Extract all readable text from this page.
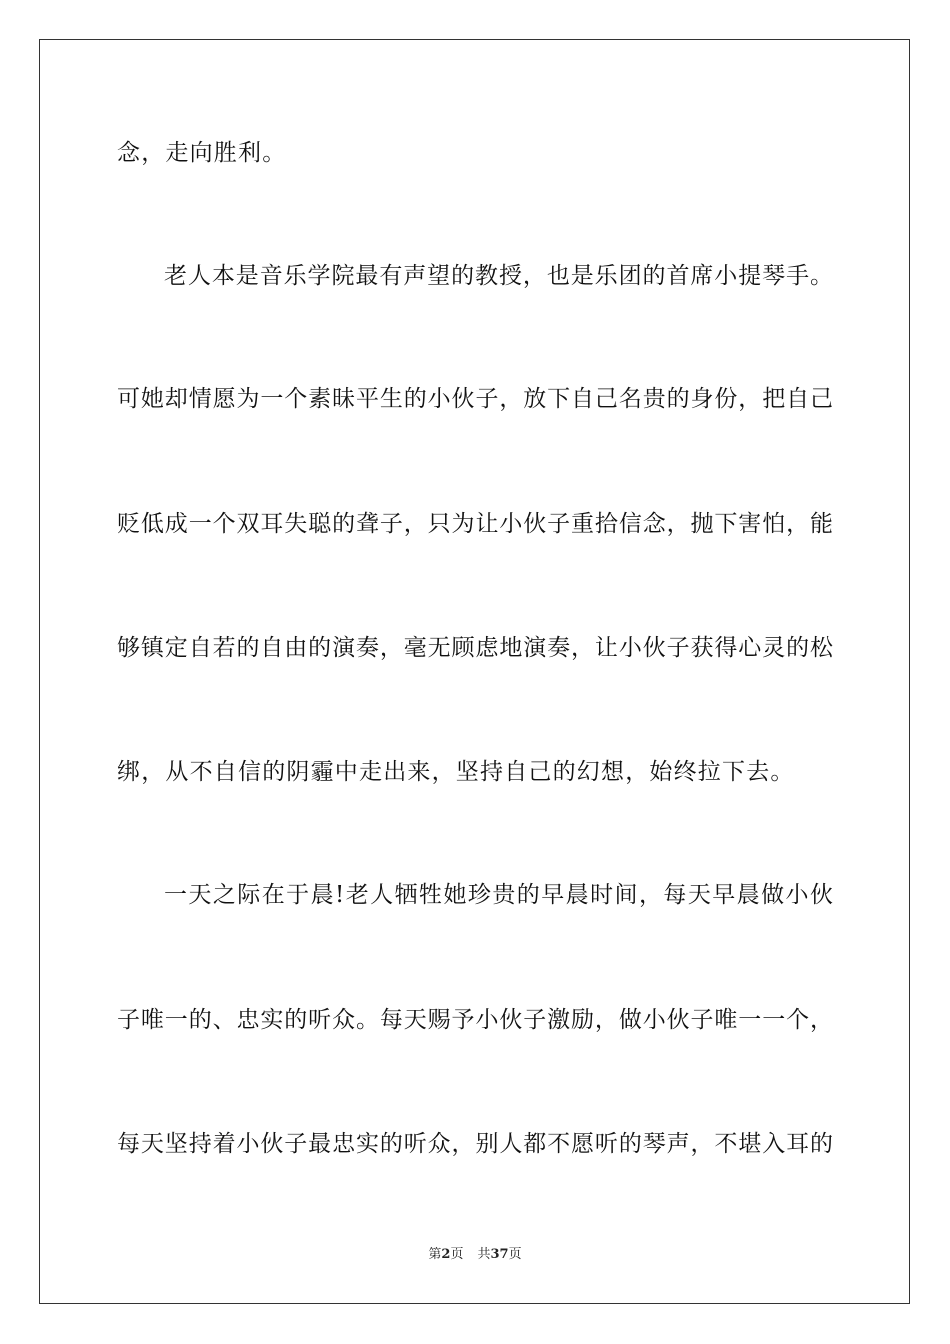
念，走向胜利。
老人本是音乐学院最有声望的教授，也是乐团的首席小提琴手。
可她却情愿为一个素昧平生的小伙子，放下自己名贵的身份，把自己
贬低成一个双耳失聪的聋子，只为让小伙子重拾信念，抛下害怕，能
够镇定自若的自由的演奏，毫无顾虑地演奏，让小伙子获得心灵的松
绑，从不自信的阴霾中走出来，坚持自己的幻想，始终拉下去。
一天之际在于晨!老人牺牲她珍贵的早晨时间，每天早晨做小伙
子唯一的、忠实的听众。每天赐予小伙子激励，做小伙子唯一一个，
每天坚持着小伙子最忠实的听众，别人都不愿听的琴声，不堪入耳的
第2页 共37页
